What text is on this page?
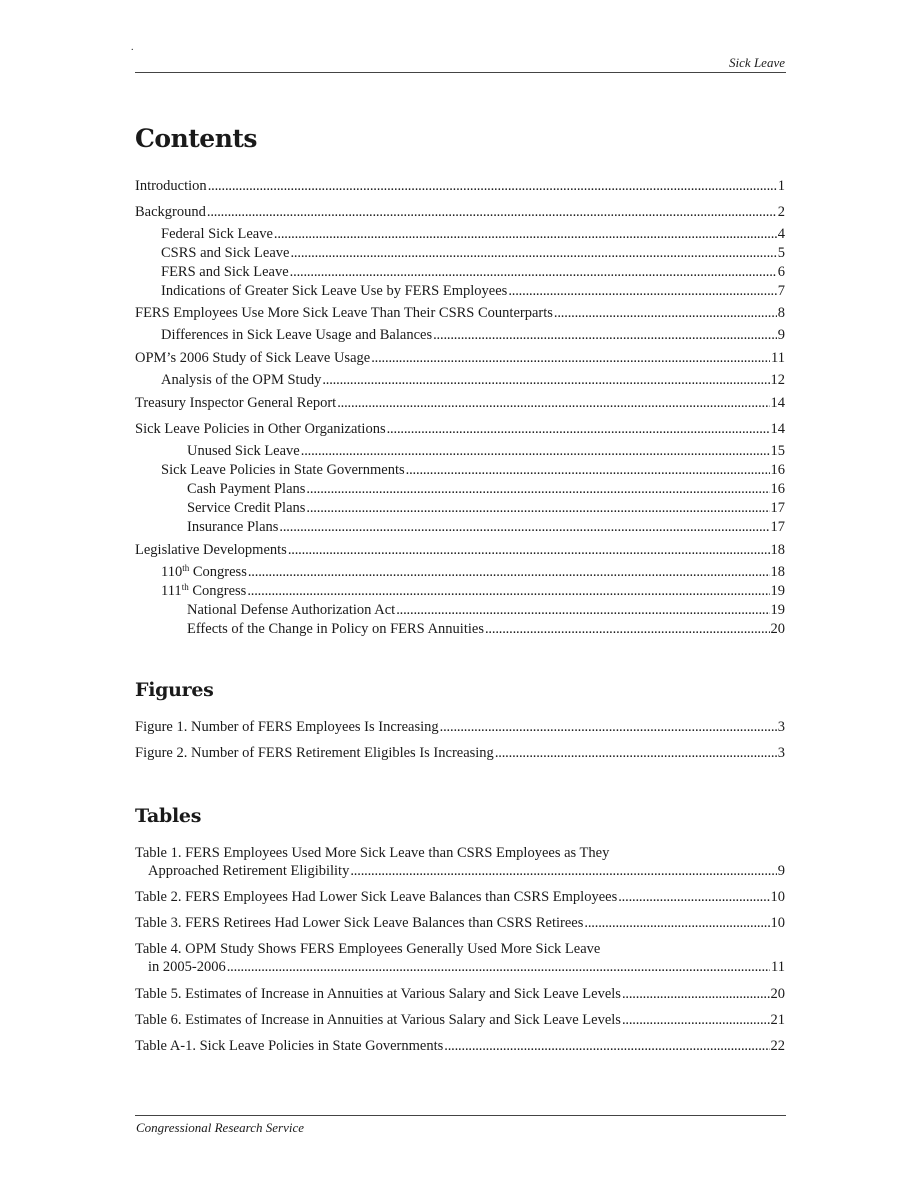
.
Sick Leave
Contents
Introduction . . .	1
Background . . .	2
Federal Sick Leave . . .	4
CSRS and Sick Leave . . .	5
FERS and Sick Leave . . .	6
Indications of Greater Sick Leave Use by FERS Employees . . .	7
FERS Employees Use More Sick Leave Than Their CSRS Counterparts . . .	8
Differences in Sick Leave Usage and Balances . . .	9
OPM’s 2006 Study of Sick Leave Usage . . .	11
Analysis of the OPM Study . . .	12
Treasury Inspector General Report . . .	14
Sick Leave Policies in Other Organizations . . .	14
Unused Sick Leave . . .	15
Sick Leave Policies in State Governments . . .	16
Cash Payment Plans . . .	16
Service Credit Plans . . .	17
Insurance Plans . . .	17
Legislative Developments . . .	18
110th Congress . . .	18
111th Congress . . .	19
National Defense Authorization Act . . .	19
Effects of the Change in Policy on FERS Annuities . . .	20
Figures
Figure 1. Number of FERS Employees Is Increasing . . .	3
Figure 2. Number of FERS Retirement Eligibles Is Increasing . . .	3
Tables
Table 1. FERS Employees Used More Sick Leave than CSRS Employees as They
Approached Retirement Eligibility . . .	9
Table 2. FERS Employees Had Lower Sick Leave Balances than CSRS Employees . . .	10
Table 3. FERS Retirees Had Lower Sick Leave Balances than CSRS Retirees . . .	10
Table 4. OPM Study Shows FERS Employees Generally Used More Sick Leave
in 2005-2006 . . .	11
Table 5. Estimates of Increase in Annuities at Various Salary and Sick Leave Levels . . .	20
Table 6. Estimates of Increase in Annuities at Various Salary and Sick Leave Levels . . .	21
Table A-1. Sick Leave Policies in State Governments . . .	22
Congressional Research Service
